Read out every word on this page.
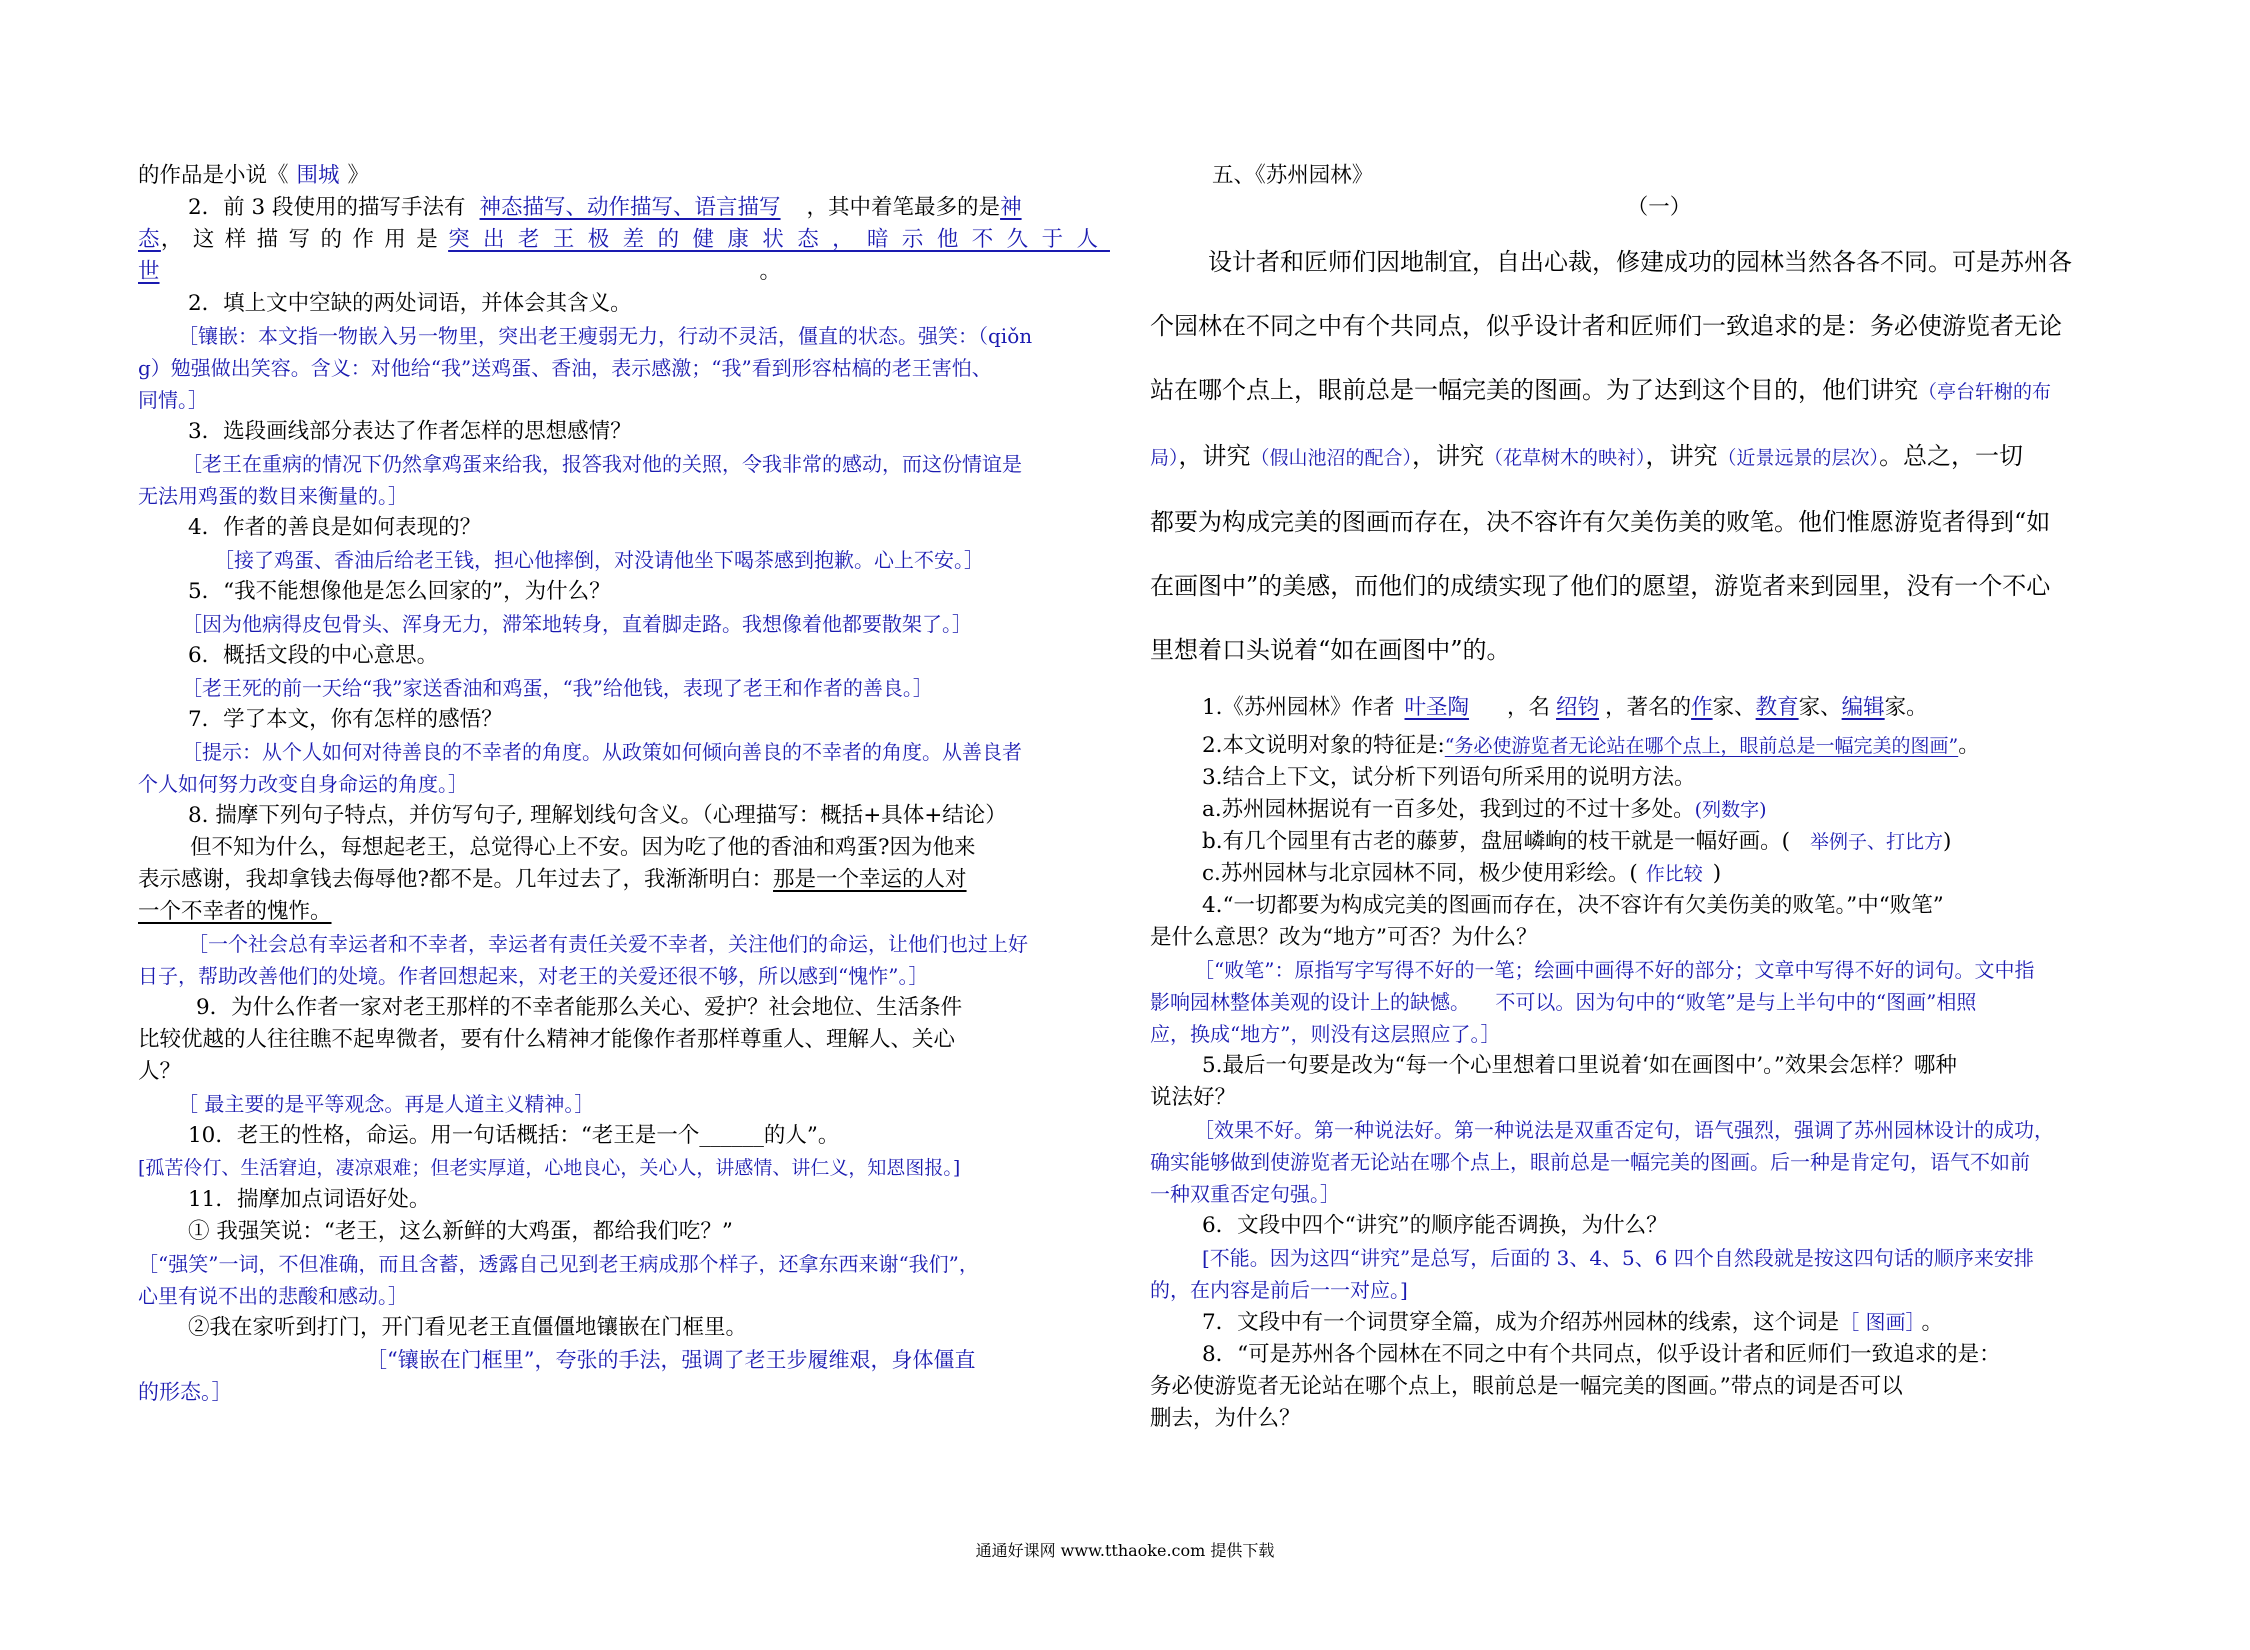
的作品是小说《 围城 》
2．前 3 段使用的描写手法有 神态描写、动作描写、语言描写 ，其中着笔最多的是神
态，这样描写的作用是突出老王极差的健康状态，暗示他不久于人
世	。
2．填上文中空缺的两处词语，并体会其含义。
［镶嵌：本文指一物嵌入另一物里，突出老王瘦弱无力，行动不灵活，僵直的状态。强笑：（qiǒn
g）勉强做出笑容。含义：对他给“我”送鸡蛋、香油，表示感激；“我”看到形容枯槁的老王害怕、
同情。］
3．选段画线部分表达了作者怎样的思想感情？
［老王在重病的情况下仍然拿鸡蛋来给我，报答我对他的关照，令我非常的感动，而这份情谊是
无法用鸡蛋的数目来衡量的。］
4．作者的善良是如何表现的？
［接了鸡蛋、香油后给老王钱，担心他摔倒，对没请他坐下喝茶感到抱歉。心上不安。］
5．“我不能想像他是怎么回家的”，为什么？
［因为他病得皮包骨头、浑身无力，滞笨地转身，直着脚走路。我想像着他都要散架了。］
6．概括文段的中心意思。
［老王死的前一天给“我”家送香油和鸡蛋，“我”给他钱，表现了老王和作者的善良。］
7．学了本文，你有怎样的感悟？
［提示：从个人如何对待善良的不幸者的角度。从政策如何倾向善良的不幸者的角度。从善良者
个人如何努力改变自身命运的角度。］
8. 揣摩下列句子特点，并仿写句子, 理解划线句含义。（心理描写：概括+具体+结论）
但不知为什么，每想起老王，总觉得心上不安。因为吃了他的香油和鸡蛋?因为他来
表示感谢，我却拿钱去侮辱他?都不是。几年过去了，我渐渐明白：那是一个幸运的人对
一个不幸者的愧怍。
［一个社会总有幸运者和不幸者，幸运者有责任关爱不幸者，关注他们的命运，让他们也过上好
日子，帮助改善他们的处境。作者回想起来，对老王的关爱还很不够，所以感到“愧怍”。］
9．为什么作者一家对老王那样的不幸者能那么关心、爱护？社会地位、生活条件
比较优越的人往往瞧不起卑微者，要有什么精神才能像作者那样尊重人、理解人、关心
人？
［ 最主要的是平等观念。再是人道主义精神。］
10．老王的性格，命运。用一句话概括：“老王是一个______的人”。
[孤苦伶仃、生活窘迫，凄凉艰难；但老实厚道，心地良心，关心人，讲感情、讲仁义，知恩图报。]
11．揣摩加点词语好处。
① 我强笑说：“老王，这么新鲜的大鸡蛋，都给我们吃？”
［“强笑”一词，不但准确，而且含蓄，透露自己见到老王病成那个样子，还拿东西来谢“我们”，
心里有说不出的悲酸和感动。］
②我在家听到打门，开门看见老王直僵僵地镶嵌在门框里。
［“镶嵌在门框里”，夸张的手法，强调了老王步履维艰，身体僵直
的形态。］
五、《苏州园林》
（一）
设计者和匠师们因地制宜，自出心裁，修建成功的园林当然各各不同。可是苏州各
个园林在不同之中有个共同点，似乎设计者和匠师们一致追求的是：务必使游览者无论
站在哪个点上，眼前总是一幅完美的图画。为了达到这个目的，他们讲究（亭台轩榭的布
局），讲究（假山池沼的配合），讲究（花草树木的映衬），讲究（近景远景的层次）。总之，一切
都要为构成完美的图画而存在，决不容许有欠美伤美的败笔。他们惟愿游览者得到“如
在画图中”的美感，而他们的成绩实现了他们的愿望，游览者来到园里，没有一个不心
里想着口头说着“如在画图中”的。
1.《苏州园林》作者 叶圣陶 ，名 绍钧 ，著名的作家、教育家、编辑家。
2.本文说明对象的特征是:“务必使游览者无论站在哪个点上，眼前总是一幅完美的图画”。
3.结合上下文，试分析下列语句所采用的说明方法。
a.苏州园林据说有一百多处，我到过的不过十多处。(列数字)
b.有几个园里有古老的藤萝，盘屈嶙峋的枝干就是一幅好画。( 举例子、打比方)
c.苏州园林与北京园林不同，极少使用彩绘。( 作比较 )
4.“一切都要为构成完美的图画而存在，决不容许有欠美伤美的败笔。”中“败笔”
是什么意思？改为“地方”可否？为什么？
［“败笔”：原指写字写得不好的一笔；绘画中画得不好的部分；文章中写得不好的词句。文中指
影响园林整体美观的设计上的缺憾。    不可以。因为句中的“败笔”是与上半句中的“图画”相照
应，换成“地方”，则没有这层照应了。］
5.最后一句要是改为“每一个心里想着口里说着‘如在画图中’。”效果会怎样？哪种
说法好？
［效果不好。第一种说法好。第一种说法是双重否定句，语气强烈，强调了苏州园林设计的成功，
确实能够做到使游览者无论站在哪个点上，眼前总是一幅完美的图画。后一种是肯定句，语气不如前
一种双重否定句强。］
6．文段中四个“讲究”的顺序能否调换，为什么？
[不能。因为这四“讲究”是总写，后面的 3、4、5、6 四个自然段就是按这四句话的顺序来安排
的，在内容是前后一一对应。]
7．文段中有一个词贯穿全篇，成为介绍苏州园林的线索，这个词是［ 图画］ 。
8．“可是苏州各个园林在不同之中有个共同点，似乎设计者和匠师们一致追求的是：
务必使游览者无论站在哪个点上，眼前总是一幅完美的图画。”带点的词是否可以
删去，为什么？
通通好课网 www.tthaoke.com 提供下载
